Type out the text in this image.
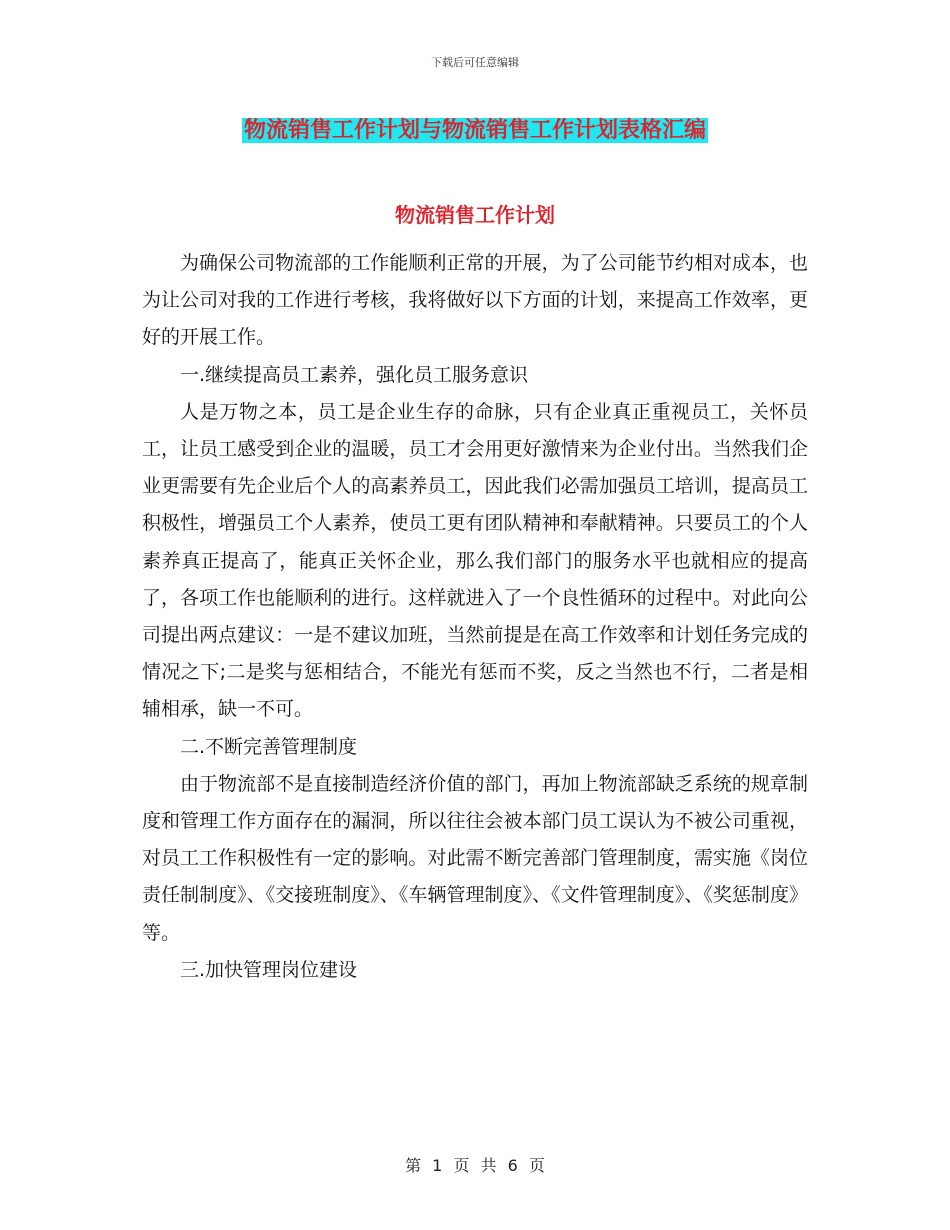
下载后可任意编辑
物流销售工作计划与物流销售工作计划表格汇编
物流销售工作计划

为确保公司物流部的工作能顺利正常的开展，为了公司能节约相对成本，也为让公司对我的工作进行考核，我将做好以下方面的计划，来提高工作效率，更好的开展工作。

一.继续提高员工素养，强化员工服务意识

人是万物之本，员工是企业生存的命脉，只有企业真正重视员工，关怀员工，让员工感受到企业的温暖，员工才会用更好激情来为企业付出。当然我们企业更需要有先企业后个人的高素养员工，因此我们必需加强员工培训，提高员工积极性，增强员工个人素养，使员工更有团队精神和奉献精神。只要员工的个人素养真正提高了，能真正关怀企业，那么我们部门的服务水平也就相应的提高了，各项工作也能顺利的进行。这样就进入了一个良性循环的过程中。对此向公司提出两点建议：一是不建议加班，当然前提是在高工作效率和计划任务完成的情况之下;二是奖与惩相结合，不能光有惩而不奖，反之当然也不行，二者是相辅相承，缺一不可。

二.不断完善管理制度

由于物流部不是直接制造经济价值的部门，再加上物流部缺乏系统的规章制度和管理工作方面存在的漏洞，所以往往会被本部门员工误认为不被公司重视，对员工工作积极性有一定的影响。对此需不断完善部门管理制度，需实施《岗位责任制制度》、《交接班制度》、《车辆管理制度》、《文件管理制度》、《奖惩制度》等。

三.加快管理岗位建设

第 1 页 共 6 页
